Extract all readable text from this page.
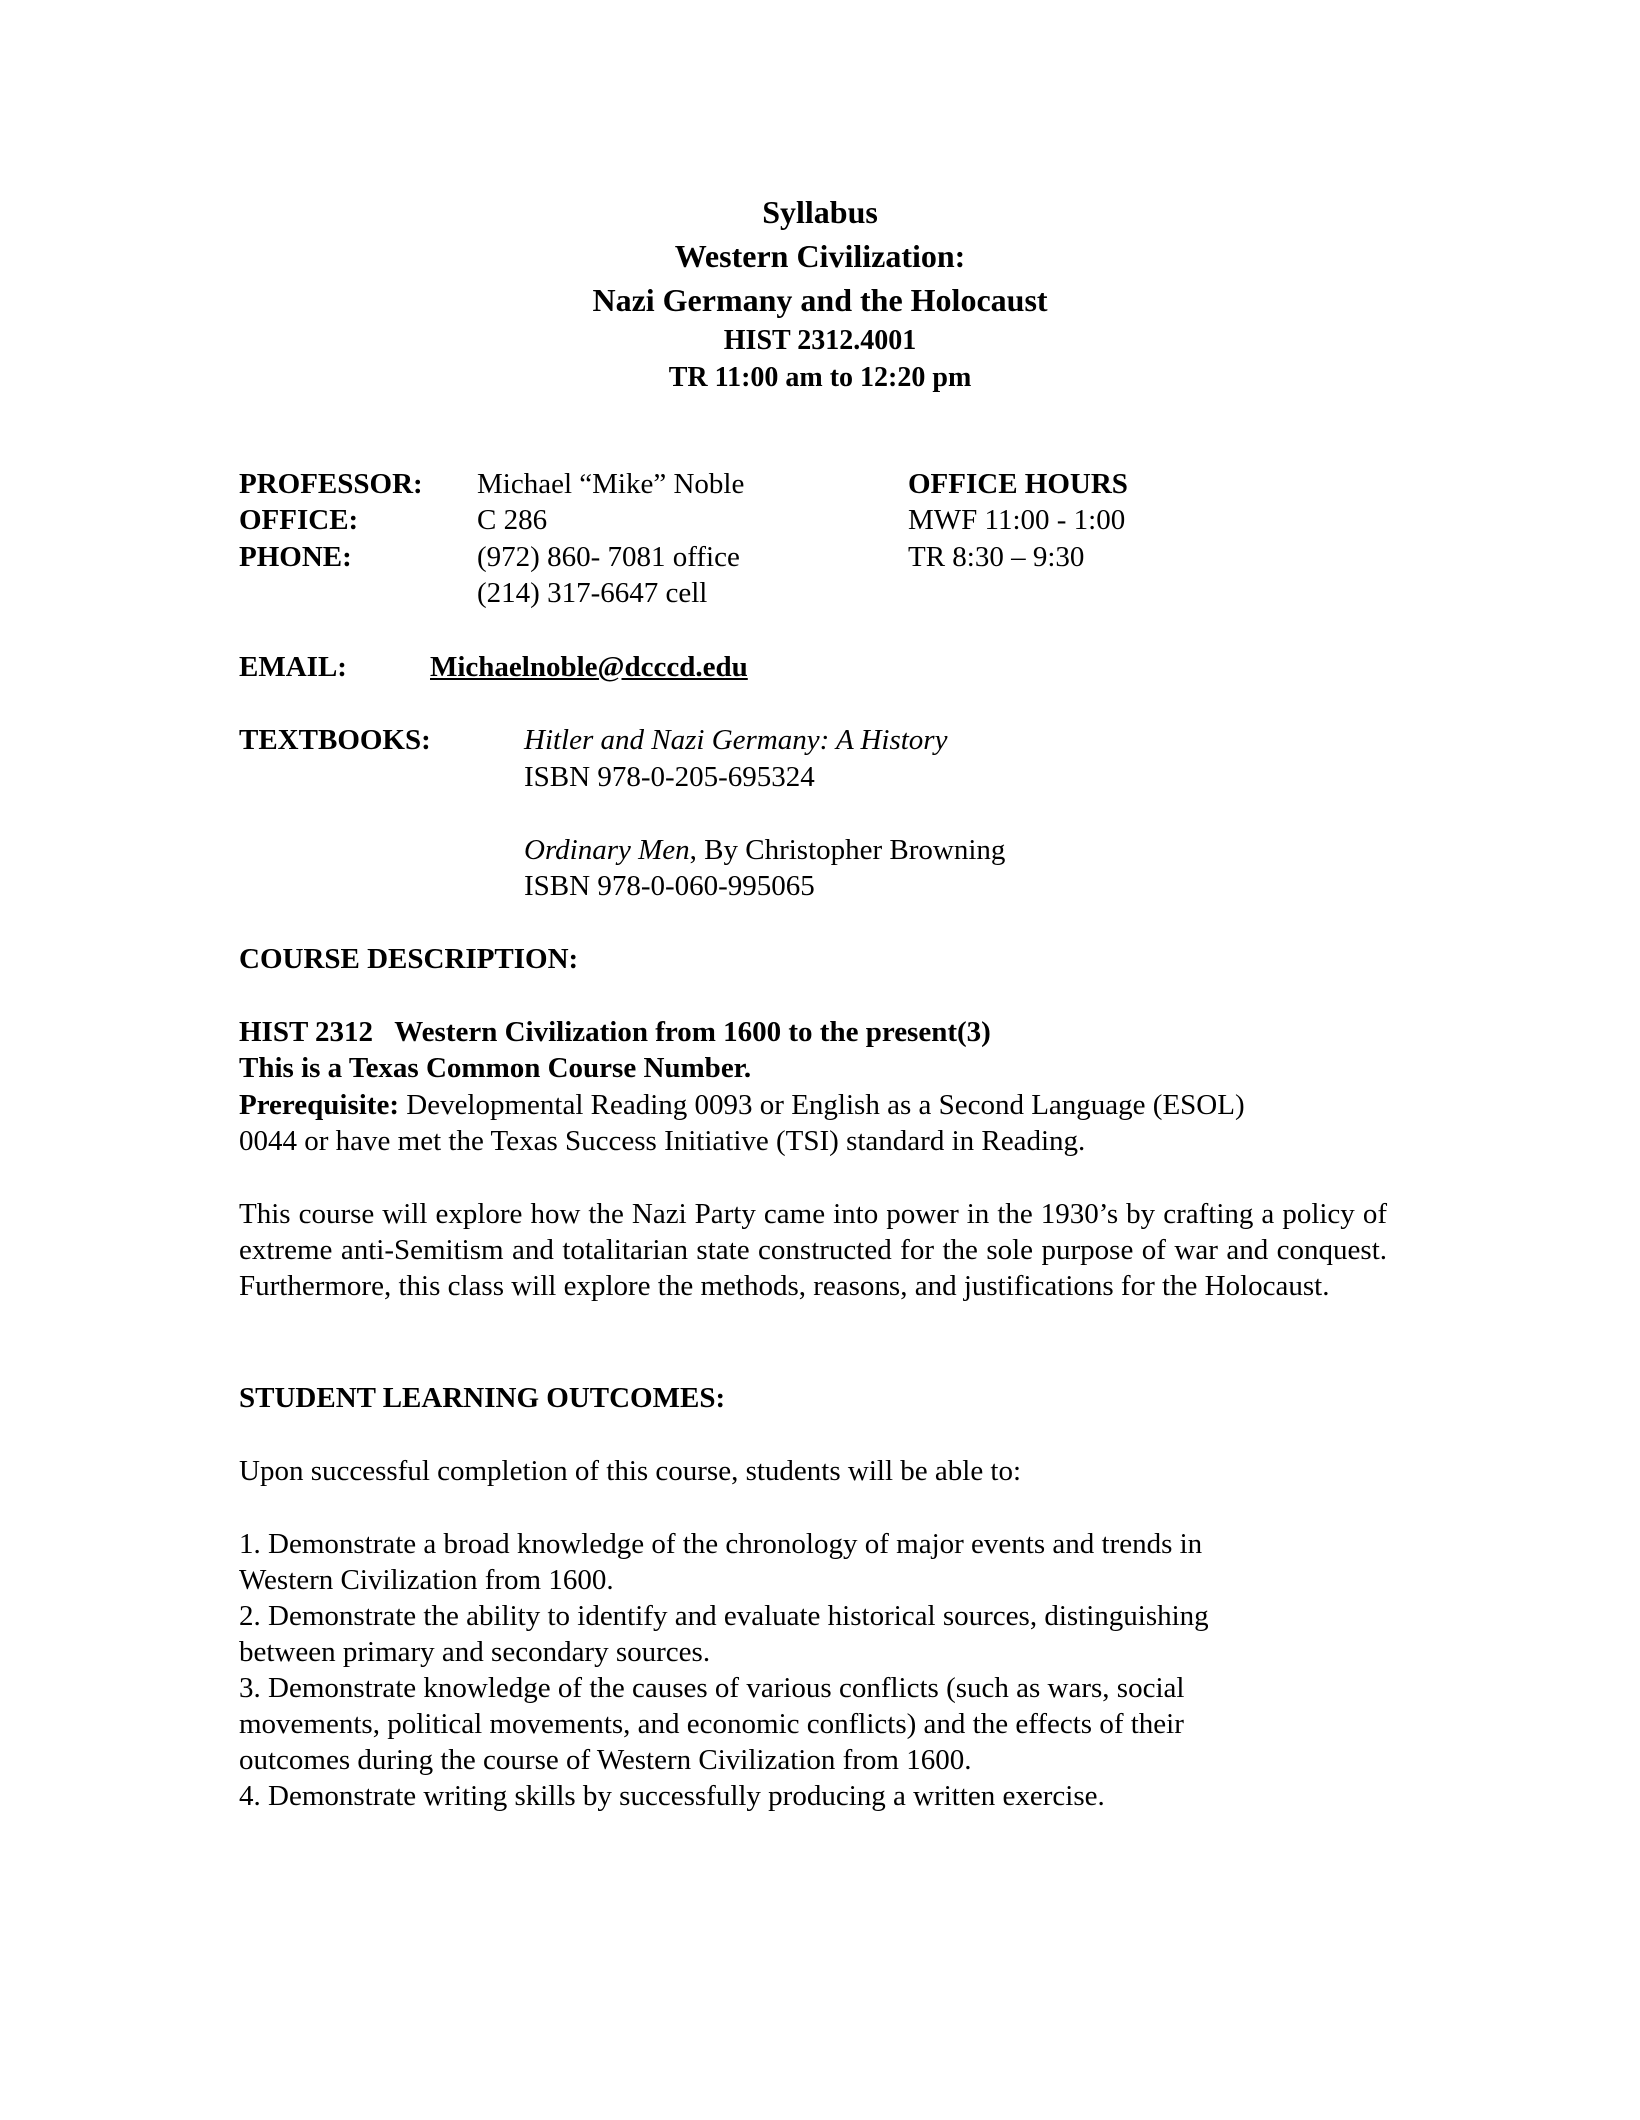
Syllabus
Western Civilization:
Nazi Germany and the Holocaust
HIST 2312.4001
TR 11:00 am to 12:20 pm
PROFESSOR: Michael “Mike” Noble	OFFICE HOURS
OFFICE:	C 286	MWF 11:00 - 1:00
PHONE:	(972) 860- 7081 office	TR 8:30 – 9:30
(214) 317-6647 cell
EMAIL:	Michaelnoble@dcccd.edu
TEXTBOOKS:	Hitler and Nazi Germany: A History
ISBN 978-0-205-695324
Ordinary Men, By Christopher Browning
ISBN 978-0-060-995065
COURSE DESCRIPTION:
HIST 2312   Western Civilization from 1600 to the present(3)
This is a Texas Common Course Number.
Prerequisite: Developmental Reading 0093 or English as a Second Language (ESOL)
0044 or have met the Texas Success Initiative (TSI) standard in Reading.
This course will explore how the Nazi Party came into power in the 1930’s by crafting a policy of extreme anti-Semitism and totalitarian state constructed for the sole purpose of war and conquest. Furthermore, this class will explore the methods, reasons, and justifications for the Holocaust.
STUDENT LEARNING OUTCOMES:
Upon successful completion of this course, students will be able to:
1. Demonstrate a broad knowledge of the chronology of major events and trends in
Western Civilization from 1600.
2. Demonstrate the ability to identify and evaluate historical sources, distinguishing
between primary and secondary sources.
3. Demonstrate knowledge of the causes of various conflicts (such as wars, social
movements, political movements, and economic conflicts) and the effects of their
outcomes during the course of Western Civilization from 1600.
4. Demonstrate writing skills by successfully producing a written exercise.
